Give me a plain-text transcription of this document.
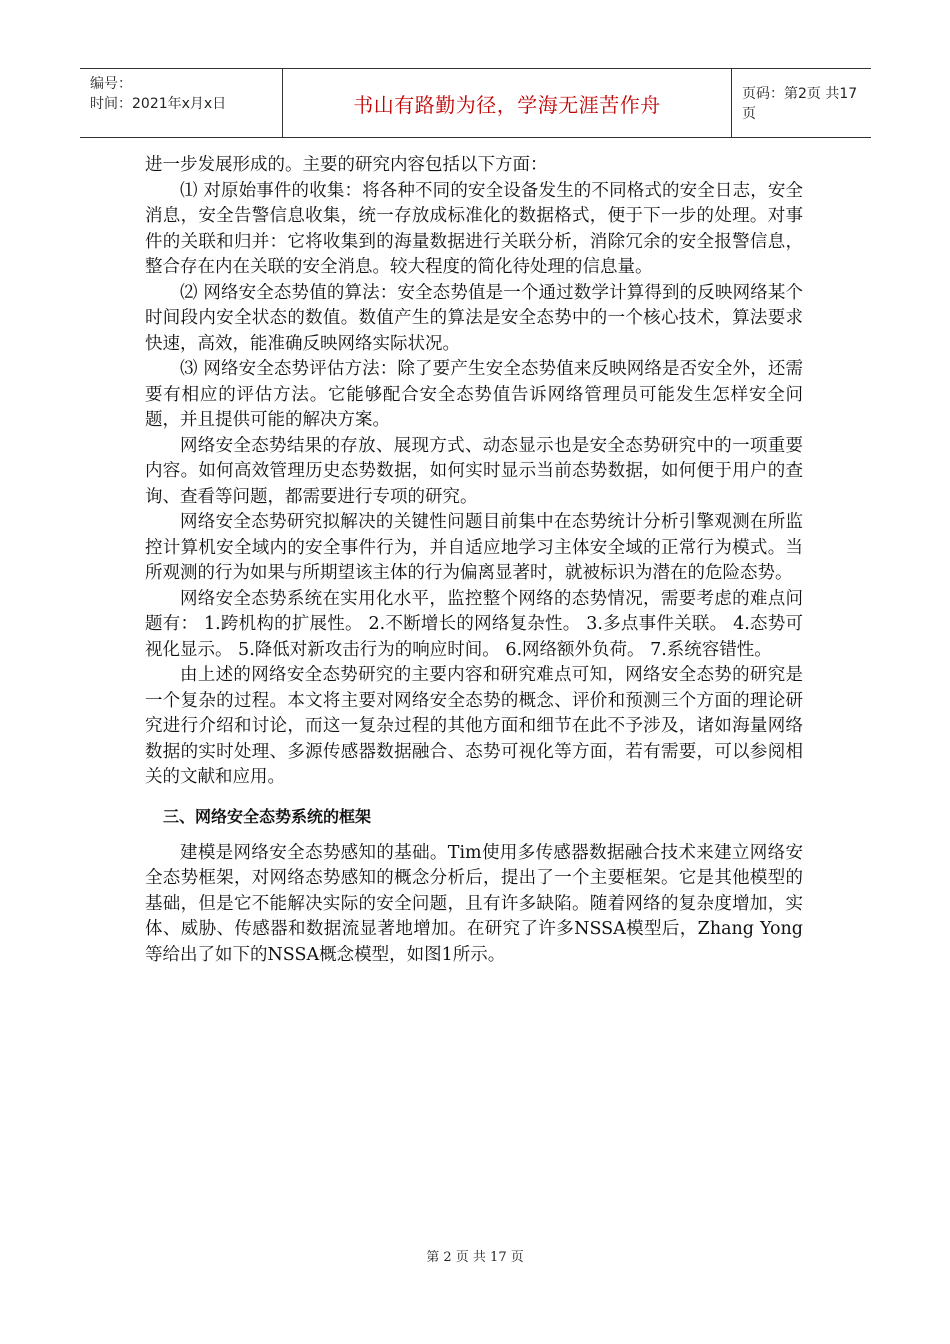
编号：
时间：2021年x月x日	书山有路勤为径，学海无涯苦作舟	页码：第2页 共17页

进一步发展形成的。主要的研究内容包括以下方面：

⑴ 对原始事件的收集：将各种不同的安全设备发生的不同格式的安全日志，安全消息，安全告警信息收集，统一存放成标准化的数据格式，便于下一步的处理。对事件的关联和归并：它将收集到的海量数据进行关联分析，消除冗余的安全报警信息，整合存在内在关联的安全消息。较大程度的简化待处理的信息量。

⑵ 网络安全态势值的算法：安全态势值是一个通过数学计算得到的反映网络某个时间段内安全状态的数值。数值产生的算法是安全态势中的一个核心技术，算法要求快速，高效，能准确反映网络实际状况。

⑶ 网络安全态势评估方法：除了要产生安全态势值来反映网络是否安全外，还需要有相应的评估方法。它能够配合安全态势值告诉网络管理员可能发生怎样安全问题，并且提供可能的解决方案。

网络安全态势结果的存放、展现方式、动态显示也是安全态势研究中的一项重要内容。如何高效管理历史态势数据，如何实时显示当前态势数据，如何便于用户的查询、查看等问题，都需要进行专项的研究。

网络安全态势研究拟解决的关键性问题目前集中在态势统计分析引擎观测在所监控计算机安全域内的安全事件行为，并自适应地学习主体安全域的正常行为模式。当所观测的行为如果与所期望该主体的行为偏离显著时，就被标识为潜在的危险态势。

网络安全态势系统在实用化水平，监控整个网络的态势情况，需要考虑的难点问题有： 1.跨机构的扩展性。 2.不断增长的网络复杂性。 3.多点事件关联。 4.态势可视化显示。 5.降低对新攻击行为的响应时间。 6.网络额外负荷。 7.系统容错性。

由上述的网络安全态势研究的主要内容和研究难点可知，网络安全态势的研究是一个复杂的过程。本文将主要对网络安全态势的概念、评价和预测三个方面的理论研究进行介绍和讨论，而这一复杂过程的其他方面和细节在此不予涉及，诸如海量网络数据的实时处理、多源传感器数据融合、态势可视化等方面，若有需要，可以参阅相关的文献和应用。

三、网络安全态势系统的框架

建模是网络安全态势感知的基础。Tim使用多传感器数据融合技术来建立网络安全态势框架，对网络态势感知的概念分析后，提出了一个主要框架。它是其他模型的基础，但是它不能解决实际的安全问题，且有许多缺陷。随着网络的复杂度增加，实体、威胁、传感器和数据流显著地增加。在研究了许多NSSA模型后，Zhang Yong等给出了如下的NSSA概念模型，如图1所示。

第 2 页 共 17 页
